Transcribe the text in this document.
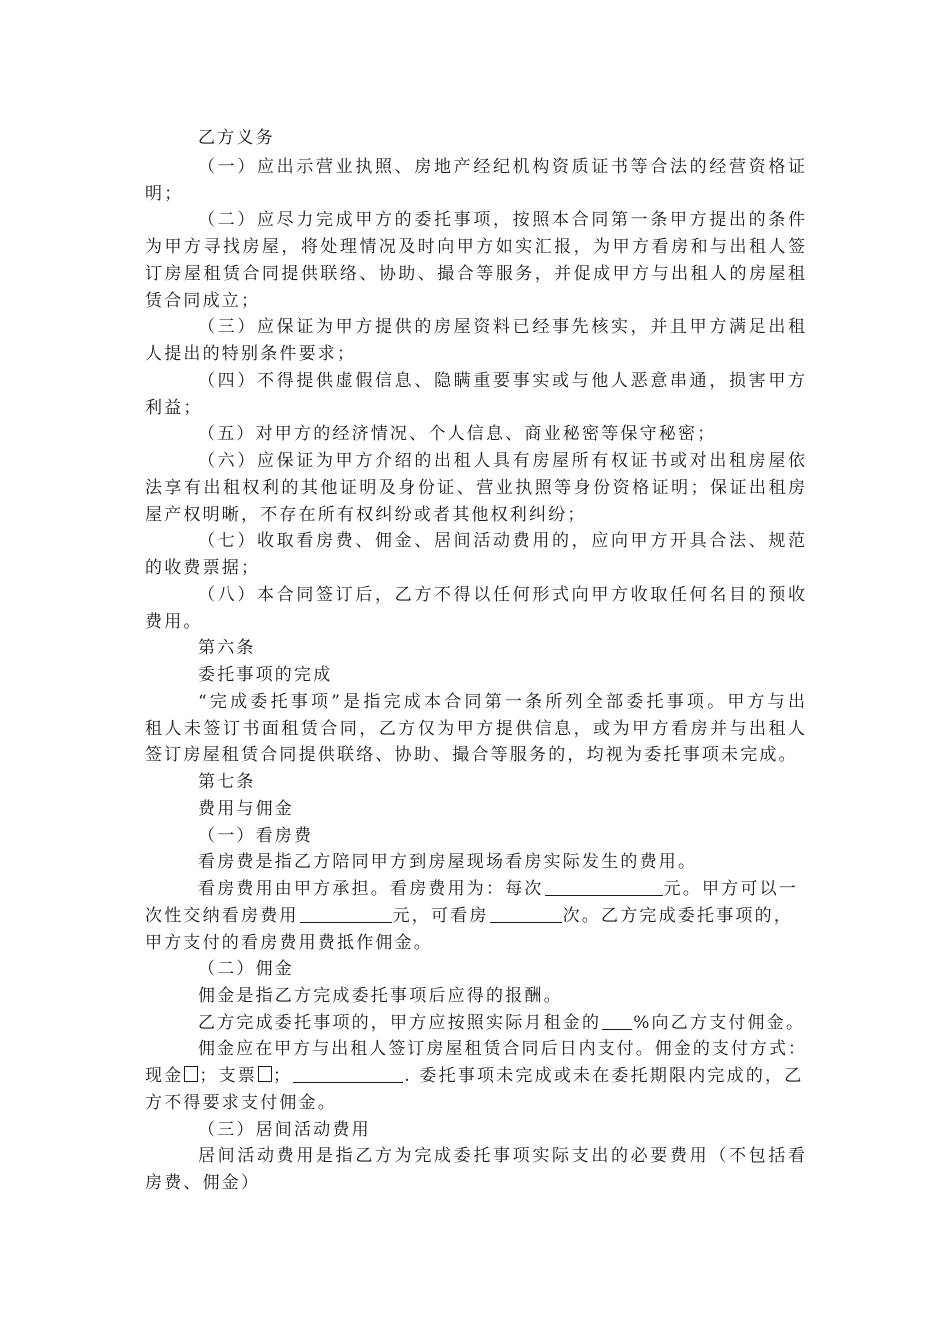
乙方义务
（一）应出示营业执照、房地产经纪机构资质证书等合法的经营资格证
明；
（二）应尽力完成甲方的委托事项，按照本合同第一条甲方提出的条件
为甲方寻找房屋，将处理情况及时向甲方如实汇报，为甲方看房和与出租人签
订房屋租赁合同提供联络、协助、撮合等服务，并促成甲方与出租人的房屋租
赁合同成立；
（三）应保证为甲方提供的房屋资料已经事先核实，并且甲方满足出租
人提出的特别条件要求；
（四）不得提供虚假信息、隐瞒重要事实或与他人恶意串通，损害甲方
利益；
（五）对甲方的经济情况、个人信息、商业秘密等保守秘密；
（六）应保证为甲方介绍的出租人具有房屋所有权证书或对出租房屋依
法享有出租权利的其他证明及身份证、营业执照等身份资格证明；保证出租房
屋产权明晰，不存在所有权纠纷或者其他权利纠纷；
（七）收取看房费、佣金、居间活动费用的，应向甲方开具合法、规范
的收费票据；
（八）本合同签订后，乙方不得以任何形式向甲方收取任何名目的预收
费用。
第六条
委托事项的完成
“完成委托事项”是指完成本合同第一条所列全部委托事项。甲方与出
租人未签订书面租赁合同，乙方仅为甲方提供信息，或为甲方看房并与出租人
签订房屋租赁合同提供联络、协助、撮合等服务的，均视为委托事项未完成。
第七条
费用与佣金
（一）看房费
看房费是指乙方陪同甲方到房屋现场看房实际发生的费用。
看房费用由甲方承担。看房费用为：每次	元。甲方可以一
次性交纳看房费用	元，可看房	次。乙方完成委托事项的，
甲方支付的看房费用费抵作佣金。
（二）佣金
佣金是指乙方完成委托事项后应得的报酬。
乙方完成委托事项的，甲方应按照实际月租金的 %向乙方支付佣金。
佣金应在甲方与出租人签订房屋租赁合同后日内支付。佣金的支付方式：
现金 ；支票 ；	. 委托事项未完成或未在委托期限内完成的，乙
方不得要求支付佣金。
（三）居间活动费用
居间活动费用是指乙方为完成委托事项实际支出的必要费用（不包括看
房费、佣金）
